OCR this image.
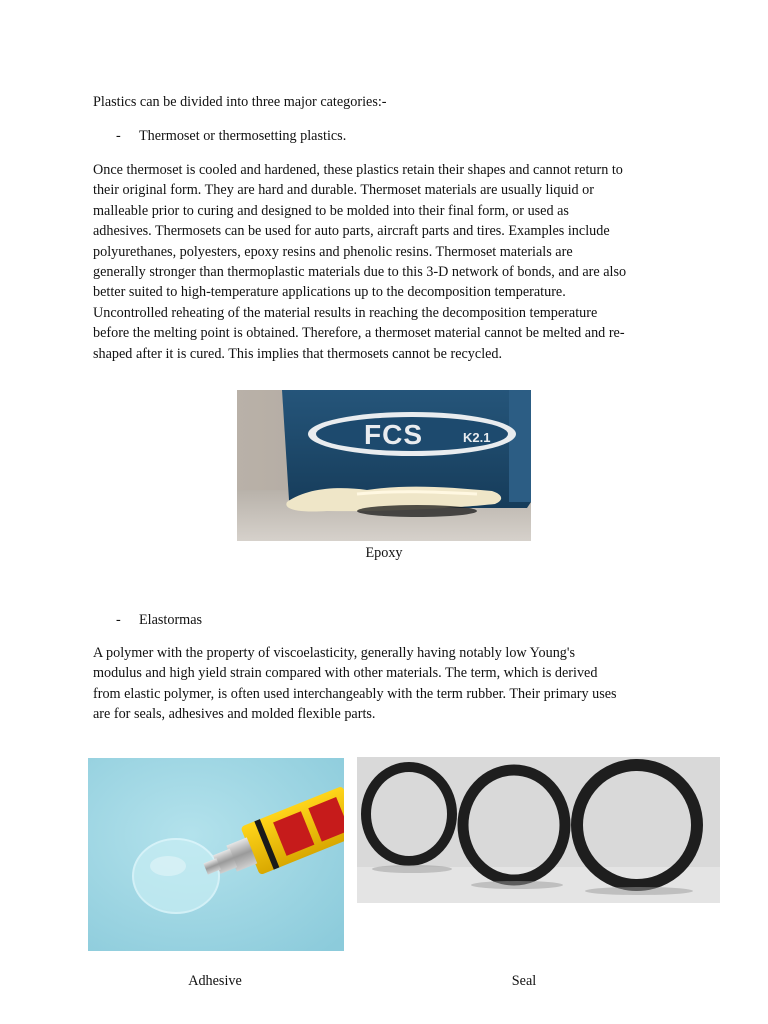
Plastics can be divided into three major categories:-
- Thermoset or thermosetting plastics.
Once thermoset is cooled and hardened, these plastics retain their shapes and cannot return to
their original form. They are hard and durable. Thermoset materials are usually liquid or
malleable prior to curing and designed to be molded into their final form, or used as
adhesives. Thermosets can be used for auto parts, aircraft parts and tires. Examples include
polyurethanes, polyesters, epoxy resins and phenolic resins. Thermoset materials are
generally stronger than thermoplastic materials due to this 3-D network of bonds, and are also
better suited to high-temperature applications up to the decomposition temperature.
Uncontrolled reheating of the material results in reaching the decomposition temperature
before the melting point is obtained. Therefore, a thermoset material cannot be melted and re-
shaped after it is cured. This implies that thermosets cannot be recycled.
FCS	K2.1
Epoxy
- Elastormas
A polymer with the property of viscoelasticity, generally having notably low Young's
modulus and high yield strain compared with other materials. The term, which is derived
from elastic polymer, is often used interchangeably with the term rubber. Their primary uses
are for seals, adhesives and molded flexible parts.
Adhesive	Seal
